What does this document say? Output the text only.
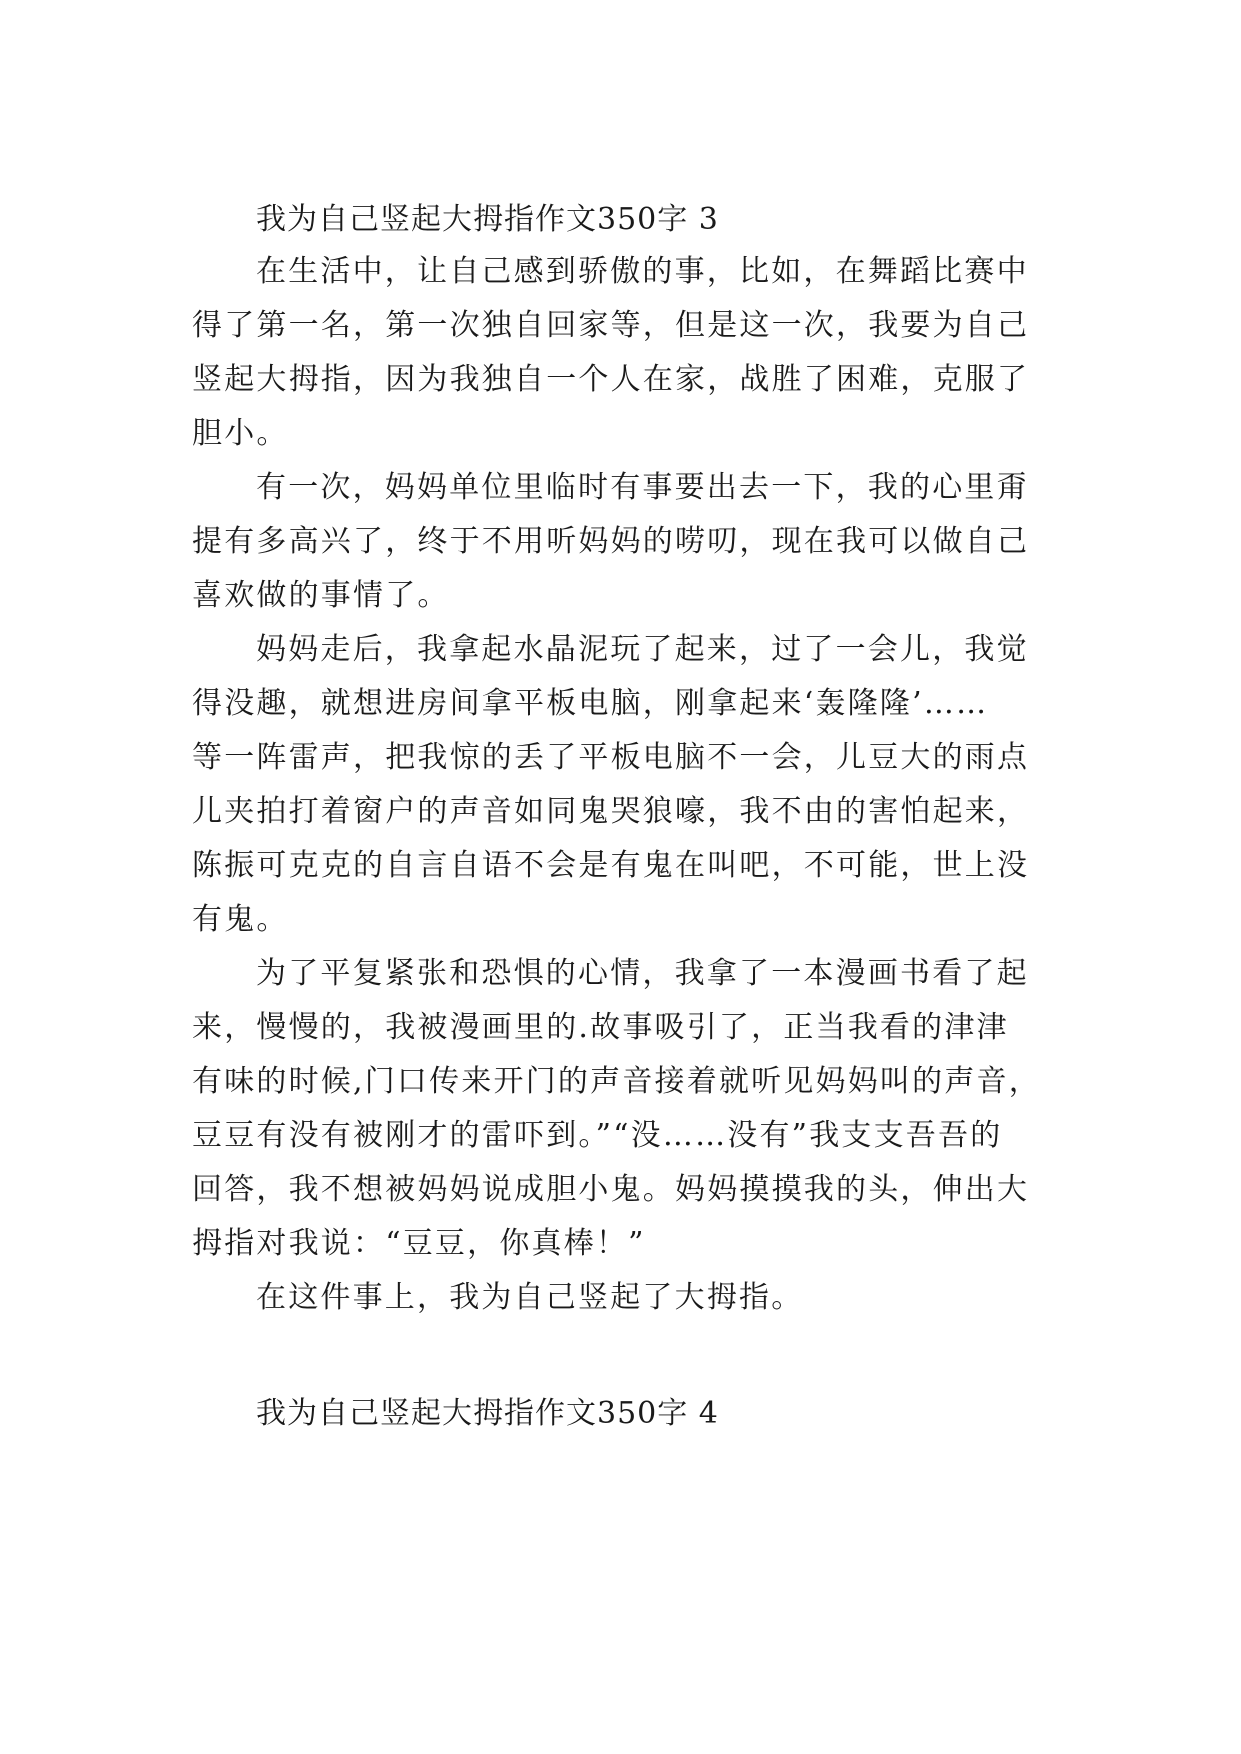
我为自己竖起大拇指作文350字 3
在生活中，让自己感到骄傲的事，比如，在舞蹈比赛中
得了第一名，第一次独自回家等，但是这一次，我要为自己
竖起大拇指，因为我独自一个人在家，战胜了困难，克服了
胆小。
有一次，妈妈单位里临时有事要出去一下，我的心里甭
提有多高兴了，终于不用听妈妈的唠叨，现在我可以做自己
喜欢做的事情了。
妈妈走后，我拿起水晶泥玩了起来，过了一会儿，我觉
得没趣，就想进房间拿平板电脑，刚拿起来‘轰隆隆’……
等一阵雷声，把我惊的丢了平板电脑不一会，儿豆大的雨点
儿夹拍打着窗户的声音如同鬼哭狼嚎，我不由的害怕起来，
陈振可克克的自言自语不会是有鬼在叫吧，不可能，世上没
有鬼。
为了平复紧张和恐惧的心情，我拿了一本漫画书看了起
来，慢慢的，我被漫画里的.故事吸引了，正当我看的津津
有味的时候,门口传来开门的声音接着就听见妈妈叫的声音，
豆豆有没有被刚才的雷吓到。”“没……没有”我支支吾吾的
回答，我不想被妈妈说成胆小鬼。妈妈摸摸我的头，伸出大
拇指对我说：“豆豆，你真棒！”
在这件事上，我为自己竖起了大拇指。
我为自己竖起大拇指作文350字 4
